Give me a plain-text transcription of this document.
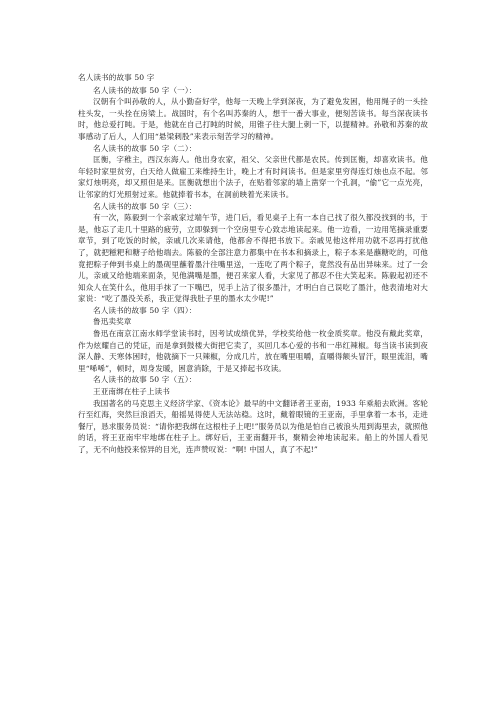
名人读书的故事 50 字

名人读书的故事 50 字（一）：

汉朝有个叫孙敬的人，从小勤奋好学，他每一天晚上学到深夜，为了避免发困，他用绳子的一头拴柱头发，一头拴在房梁上。战国时，有个名叫苏秦的人，想干一番大事业，便刻苦读书。每当深夜读书时，他总爱打盹。于是，他就在自己打盹的时候，用锥子往大腿上刺一下，以提精神。孙敬和苏秦的故事感动了后人，人们用“悬梁刺股”来表示刻苦学习的精神。

名人读书的故事 50 字（二）：

匡衡，字稚主，西汉东海人。他出身农家，祖父、父亲世代都是农民。传到匡衡，却喜欢读书。他年轻时家里贫穷，白天给人做雇工来维持生计，晚上才有时间读书。但是家里穷得连灯烛也点不起。邻家灯烛明亮，却又照但是来。匡衡就想出个法子，在贴着邻家的墙上凿穿一个孔洞，“偷”它一点光亮，让邻家的灯光照射过来。他就捧着书本，在洞前映着光来读书。

名人读书的故事 50 字（三）：

有一次，陈毅到一个亲戚家过端午节，进门后，看见桌子上有一本自己找了很久都没找到的书，于是，他忘了走几十里路的疲劳，立即躲到一个空房里专心致志地读起来。他一边看，一边用笔摘录重要章节，到了吃饭的时候，亲戚几次来请他，他都舍不得把书放下。亲戚见他这样用功就不忍再打扰他了，就把糍粑和糖子给他端去。陈毅的全部注意力都集中在书本和摘录上，粽子本来是蘸糖吃的，可他竟把粽子伸到书桌上的墨砚里蘸着墨汁往嘴里送，一连吃了两个粽子，竟然没有品出异味来。过了一会儿，亲戚又给他端来面条，见他满嘴是墨，便召来家人看，大家见了都忍不住大笑起来。陈毅起初还不知众人在笑什么，他用手抹了一下嘴巴，见手上沾了很多墨汁，才明白自己误吃了墨汁，他表清地对大家说：“吃了墨没关系，我正觉得我肚子里的墨水太少呢!”

名人读书的故事 50 字（四）：

鲁迅卖奖章

鲁迅在南京江南水师学堂读书时，因考试成绩优异，学校奖给他一枚金质奖章。他没有戴此奖章，作为炫耀自己的凭证，而是拿到鼓楼大街把它卖了，买回几本心爱的书和一串红辣椒。每当读书读到夜深人静、天寒体困时，他就摘下一只辣椒，分成几片，放在嘴里咀嚼，直嚼得额头冒汗，眼里流泪，嘴里“唏唏”，顿时，周身发暖，困意消除，于是又捧起书攻读。

名人读书的故事 50 字（五）：

王亚南绑在柱子上读书

我国著名的马克思主义经济学家、《资本论》最早的中文翻译者王亚南，1933 年乘船去欧洲。客轮行至红海，突然巨浪滔天，船摇晃得使人无法站稳。这时，戴着眼镜的王亚南，手里拿着一本书，走进餐厅，恳求服务员说：“请你把我绑在这根柱子上吧!”服务员以为他是怕自己被浪头甩到海里去，就照他的话，将王亚南牢牢地绑在柱子上。绑好后，王亚南翻开书，聚精会神地读起来。船上的外国人看见了，无不向他投来惊异的目光，连声赞叹说：“啊! 中国人，真了不起!”
